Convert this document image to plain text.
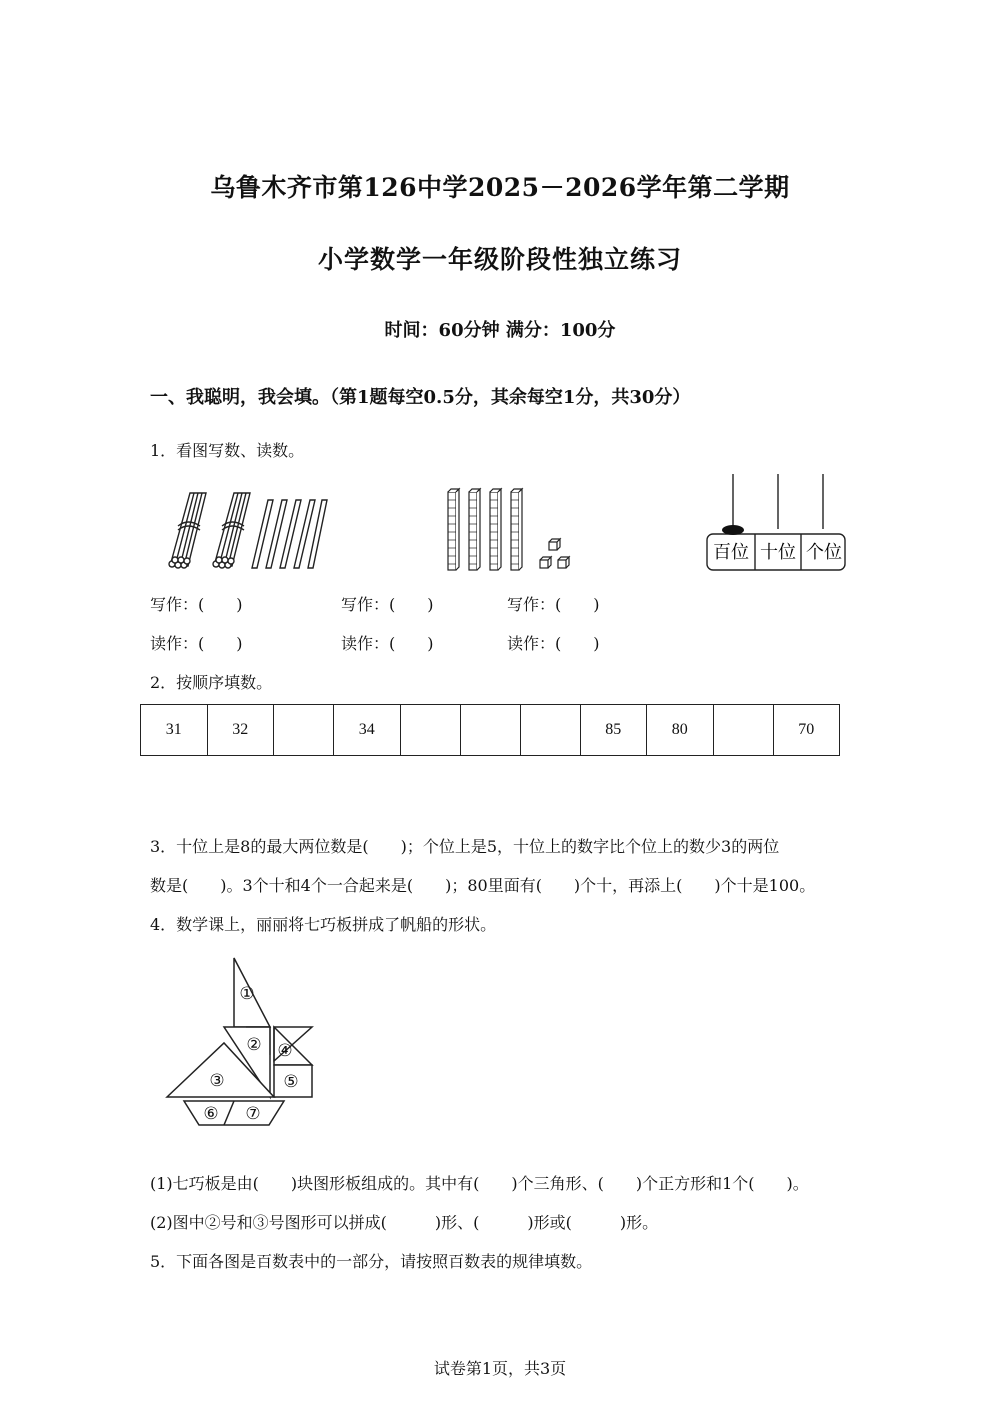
乌鲁木齐市第126中学2025－2026学年第二学期
小学数学一年级阶段性独立练习
时间：60分钟 满分：100分
一、我聪明，我会填。（第1题每空0.5分，其余每空1分，共30分）
1．看图写数、读数。
百位 十位 个位
写作：(　　)	写作：(　　)	写作：(　　)
读作：(　　)	读作：(　　)	读作：(　　)
2．按顺序填数。
31	32		34				85	80		70
3．十位上是8的最大两位数是(　　)；个位上是5，十位上的数字比个位上的数少3的两位
数是(　　)。3个十和4个一合起来是(　　)；80里面有(　　)个十，再添上(　　)个十是100。
4．数学课上，丽丽将七巧板拼成了帆船的形状。
①
②
③
④
⑤
⑥ ⑦
(1)七巧板是由(　　)块图形板组成的。其中有(　　)个三角形、(　　)个正方形和1个(　　)。
(2)图中②号和③号图形可以拼成(　　　)形、(　　　)形或(　　　)形。
5．下面各图是百数表中的一部分，请按照百数表的规律填数。
试卷第1页，共3页
